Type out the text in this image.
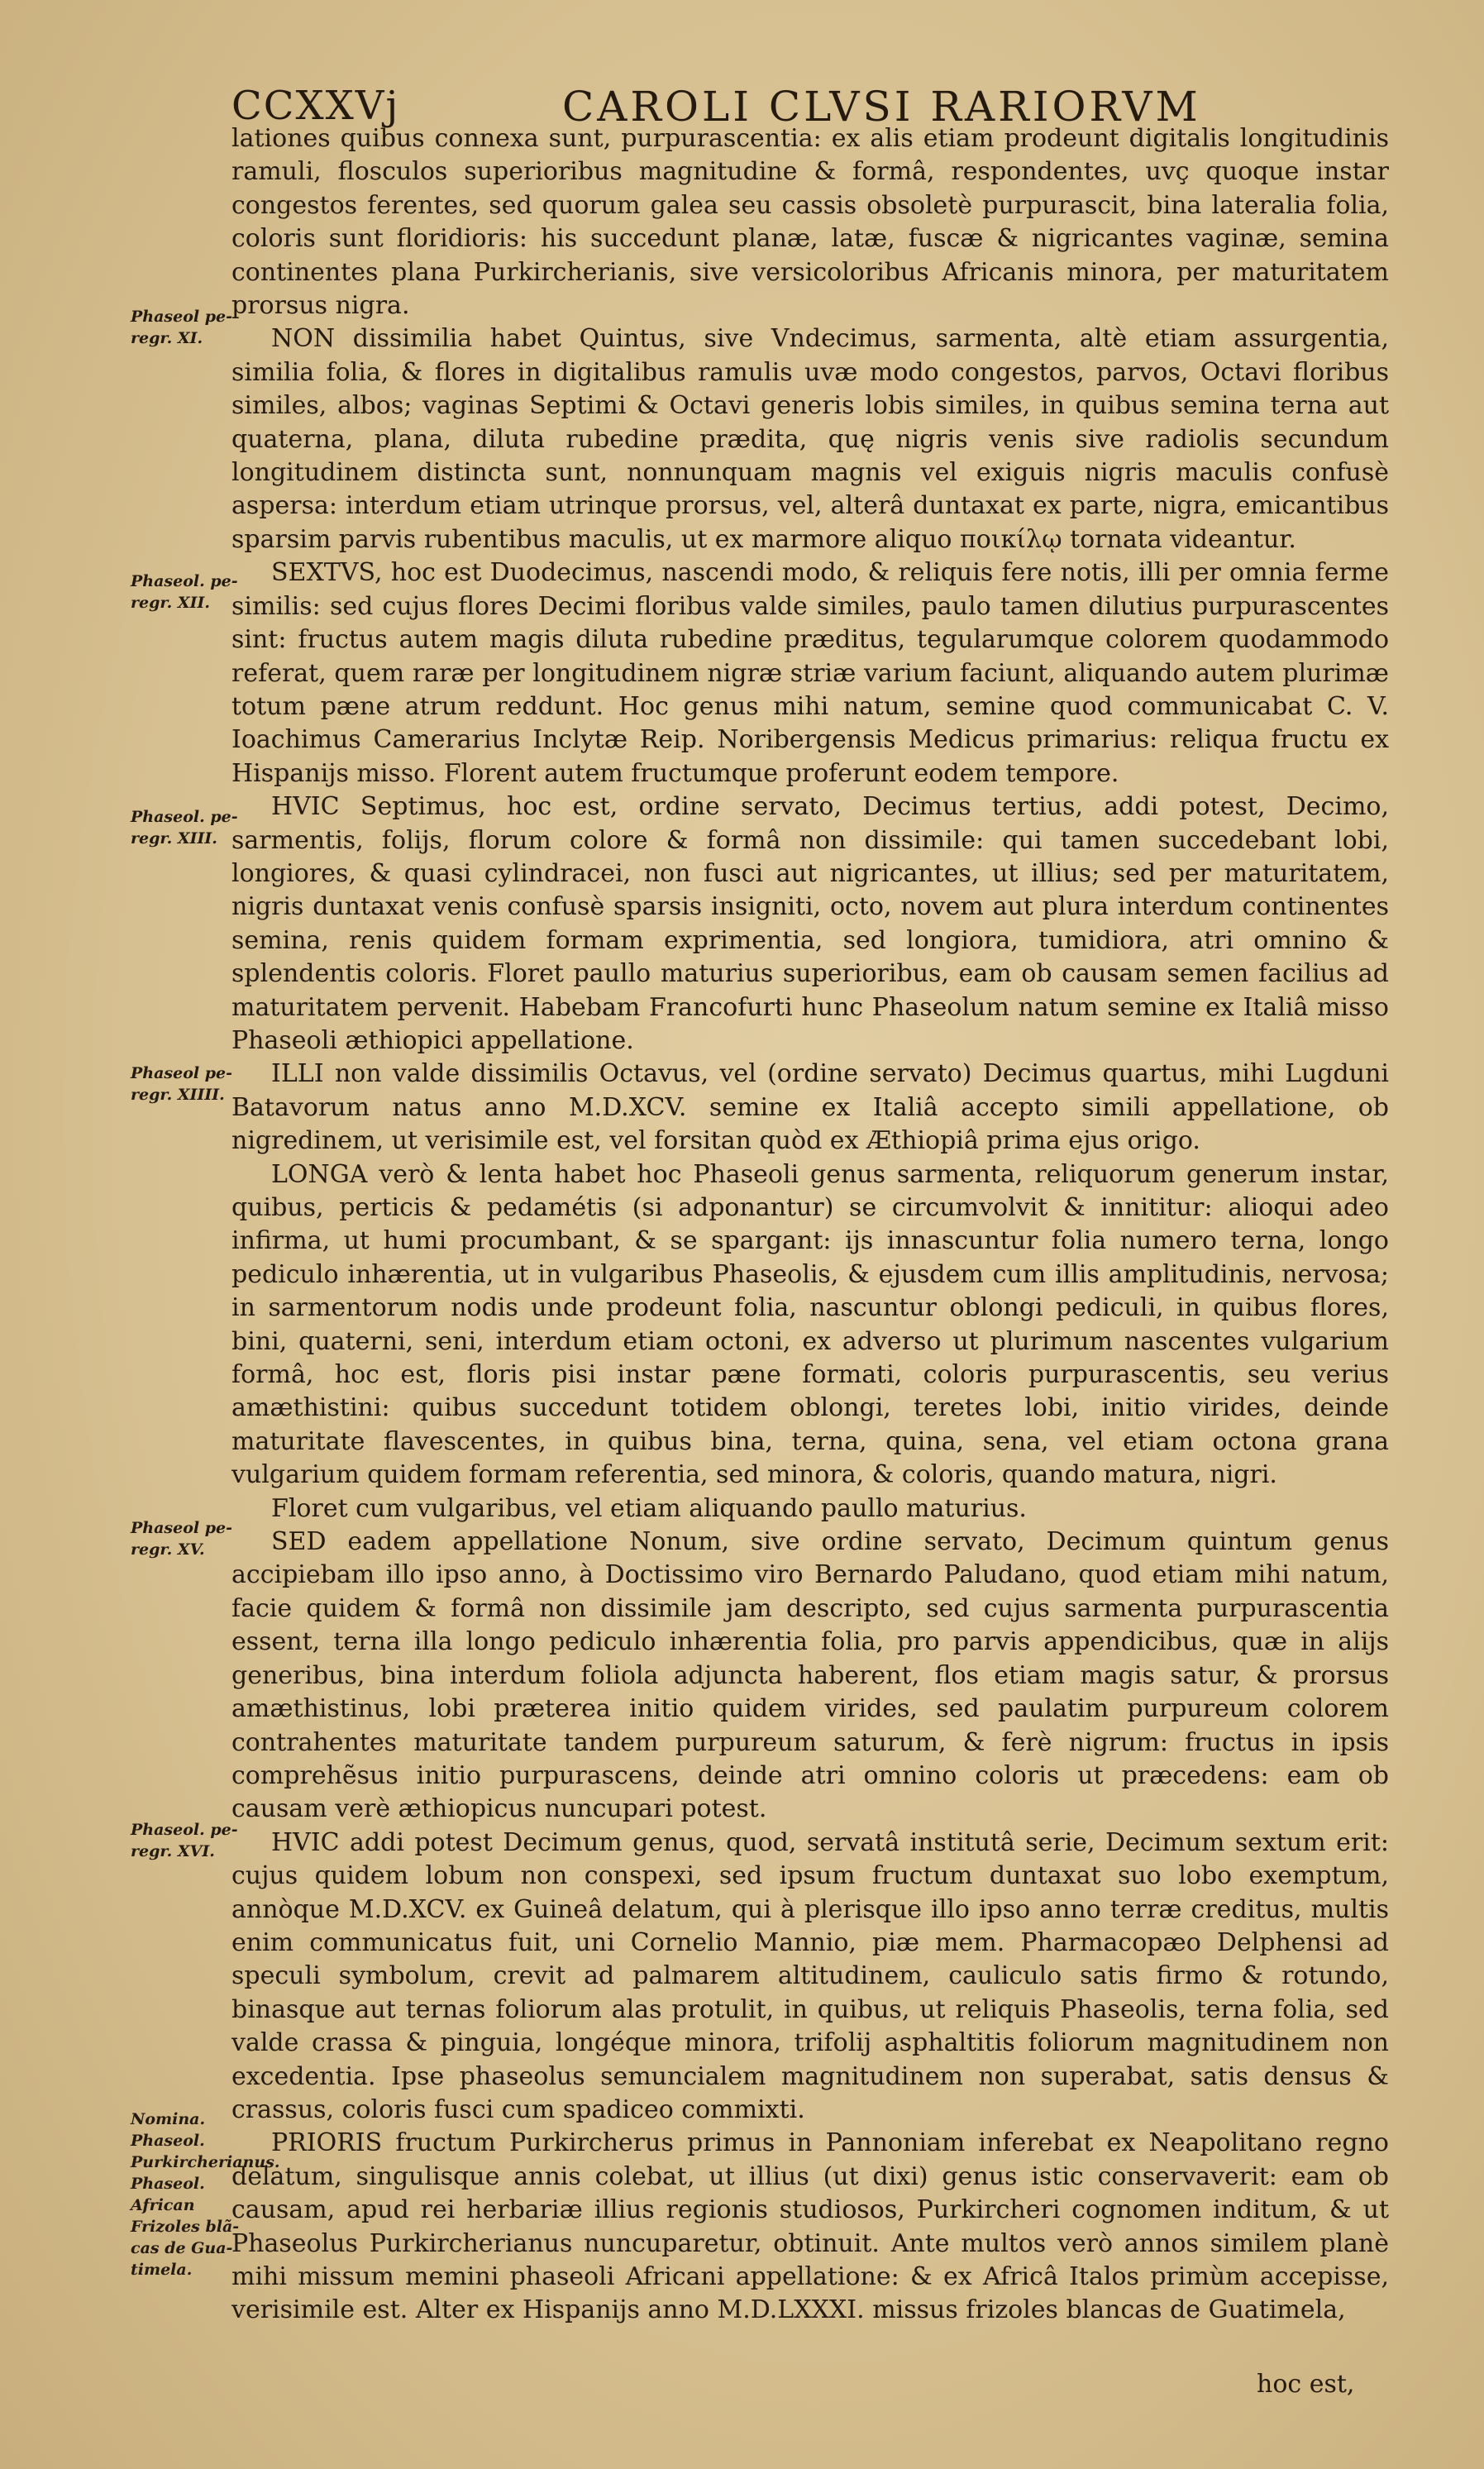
CCXXVj	CAROLI CLVSI RARIORVM
Phaseol pe-regr. XI.
Phaseol. pe-regr. XII.
Phaseol. pe-regr. XIII.
Phaseol pe-regr. XIIII.
Phaseol pe-regr. XV.
Phaseol. pe-regr. XVI.
Nomina. Phaseol. Purkircherianus. Phaseol. African Frizoles blã-cas de Gua-timela.

lationes quibus connexa sunt, purpurascentia: ex alis etiam prodeunt digitalis longitudinis ramuli, flosculos superioribus magnitudine & formâ, respondentes, uvç quoque instar congestos ferentes, sed quorum galea seu cassis obsoletè purpurascit, bina lateralia folia, coloris sunt floridioris: his succedunt planæ, latæ, fuscæ & nigricantes vaginæ, semina continentes plana Purkircherianis, sive versicoloribus Africanis minora, per maturitatem prorsus nigra.

NON dissimilia habet Quintus, sive Vndecimus, sarmenta, altè etiam assurgentia, similia folia, & flores in digitalibus ramulis uvæ modo congestos, parvos, Octavi floribus similes, albos; vaginas Septimi & Octavi generis lobis similes, in quibus semina terna aut quaterna, plana, diluta rubedine prædita, quę nigris venis sive radiolis secundum longitudinem distincta sunt, nonnunquam magnis vel exiguis nigris maculis confusè aspersa: interdum etiam utrinque prorsus, vel, alterâ duntaxat ex parte, nigra, emicantibus sparsim parvis rubentibus maculis, ut ex marmore aliquo ποικίλῳ tornata videantur.

SEXTVS, hoc est Duodecimus, nascendi modo, & reliquis fere notis, illi per omnia ferme similis: sed cujus flores Decimi floribus valde similes, paulo tamen dilutius purpurascentes sint: fructus autem magis diluta rubedine præditus, tegularumque colorem quodammodo referat, quem raræ per longitudinem nigræ striæ varium faciunt, aliquando autem plurimæ totum pæne atrum reddunt. Hoc genus mihi natum, semine quod communicabat C. V. Ioachimus Camerarius Inclytæ Reip. Noribergensis Medicus primarius: reliqua fructu ex Hispanijs misso. Florent autem fructumque proferunt eodem tempore.

HVIC Septimus, hoc est, ordine servato, Decimus tertius, addi potest, Decimo, sarmentis, folijs, florum colore & formâ non dissimile: qui tamen succedebant lobi, longiores, & quasi cylindracei, non fusci aut nigricantes, ut illius; sed per maturitatem, nigris duntaxat venis confusè sparsis insigniti, octo, novem aut plura interdum continentes semina, renis quidem formam exprimentia, sed longiora, tumidiora, atri omnino & splendentis coloris. Floret paullo maturius superioribus, eam ob causam semen facilius ad maturitatem pervenit. Habebam Francofurti hunc Phaseolum natum semine ex Italiâ misso Phaseoli æthiopici appellatione.

ILLI non valde dissimilis Octavus, vel (ordine servato) Decimus quartus, mihi Lugduni Batavorum natus anno M.D.XCV. semine ex Italiâ accepto simili appellatione, ob nigredinem, ut verisimile est, vel forsitan quòd ex Æthiopiâ prima ejus origo.

LONGA verò & lenta habet hoc Phaseoli genus sarmenta, reliquorum generum instar, quibus, perticis & pedamétis (si adponantur) se circumvolvit & innititur: alioqui adeo infirma, ut humi procumbant, & se spargant: ijs innascuntur folia numero terna, longo pediculo inhærentia, ut in vulgaribus Phaseolis, & ejusdem cum illis amplitudinis, nervosa; in sarmentorum nodis unde prodeunt folia, nascuntur oblongi pediculi, in quibus flores, bini, quaterni, seni, interdum etiam octoni, ex adverso ut plurimum nascentes vulgarium formâ, hoc est, floris pisi instar pæne formati, coloris purpurascentis, seu verius amæthistini: quibus succedunt totidem oblongi, teretes lobi, initio virides, deinde maturitate flavescentes, in quibus bina, terna, quina, sena, vel etiam octona grana vulgarium quidem formam referentia, sed minora, & coloris, quando matura, nigri.

Floret cum vulgaribus, vel etiam aliquando paullo maturius.

SED eadem appellatione Nonum, sive ordine servato, Decimum quintum genus accipiebam illo ipso anno, à Doctissimo viro Bernardo Paludano, quod etiam mihi natum, facie quidem & formâ non dissimile jam descripto, sed cujus sarmenta purpurascentia essent, terna illa longo pediculo inhærentia folia, pro parvis appendicibus, quæ in alijs generibus, bina interdum foliola adjuncta haberent, flos etiam magis satur, & prorsus amæthistinus, lobi præterea initio quidem virides, sed paulatim purpureum colorem contrahentes maturitate tandem purpureum saturum, & ferè nigrum: fructus in ipsis comprehẽsus initio purpurascens, deinde atri omnino coloris ut præcedens: eam ob causam verè æthiopicus nuncupari potest.

HVIC addi potest Decimum genus, quod, servatâ institutâ serie, Decimum sextum erit: cujus quidem lobum non conspexi, sed ipsum fructum duntaxat suo lobo exemptum, annòque M.D.XCV. ex Guineâ delatum, qui à plerisque illo ipso anno terræ creditus, multis enim communicatus fuit, uni Cornelio Mannio, piæ mem. Pharmacopæo Delphensi ad speculi symbolum, crevit ad palmarem altitudinem, cauliculo satis firmo & rotundo, binasque aut ternas foliorum alas protulit, in quibus, ut reliquis Phaseolis, terna folia, sed valde crassa & pinguia, longéque minora, trifolij asphaltitis foliorum magnitudinem non excedentia. Ipse phaseolus semuncialem magnitudinem non superabat, satis densus & crassus, coloris fusci cum spadiceo commixti.

PRIORIS fructum Purkircherus primus in Pannoniam inferebat ex Neapolitano regno delatum, singulisque annis colebat, ut illius (ut dixi) genus istic conservaverit: eam ob causam, apud rei herbariæ illius regionis studiosos, Purkircheri cognomen inditum, & ut Phaseolus Purkircherianus nuncuparetur, obtinuit. Ante multos verò annos similem planè mihi missum memini phaseoli Africani appellatione: & ex Africâ Italos primùm accepisse, verisimile est. Alter ex Hispanijs anno M.D.LXXXI. missus frizoles blancas de Guatimela,

hoc est,
